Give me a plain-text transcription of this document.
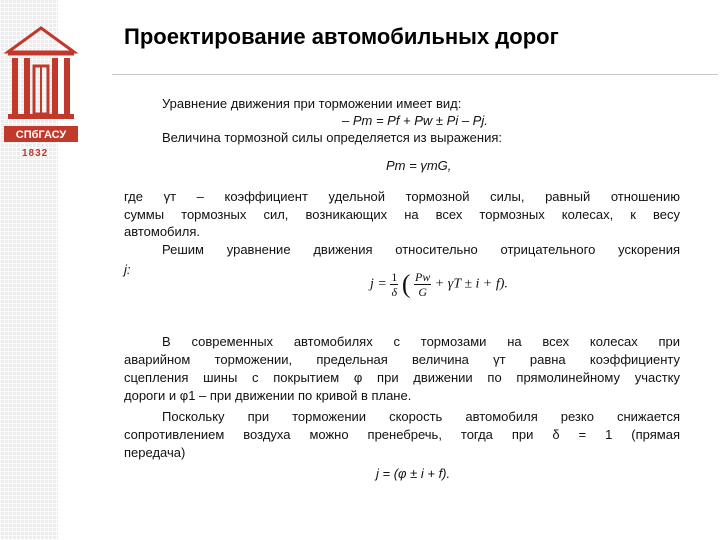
СПбГАСУ
1832
Проектирование автомобильных дорог
Уравнение движения при торможении имеет вид:
– Pт = Pf + Pw ± Pi – Pj.
Величина тормозной силы определяется из выражения:
Pт = γтG,
где γт – коэффициент удельной тормозной силы, равный отношению
суммы тормозных сил, возникающих на всех тормозных колесах, к весу
автомобиля.
Решим уравнение движения относительно отрицательного ускорения
j:
$j = \frac{1}{\delta}$ ( $\frac{Pw}{G} + \gamma T \pm i + f$).
В современных автомобилях с тормозами на всех колесах при
аварийном торможении, предельная величина γт равна коэффициенту
сцепления шины с покрытием φ при движении по прямолинейному участку
дороги и φ1 – при движении по кривой в плане.
Поскольку при торможении скорость автомобиля резко снижается
сопротивлением воздуха можно пренебречь, тогда при δ = 1 (прямая
передача)
j = (φ ± i + f).
